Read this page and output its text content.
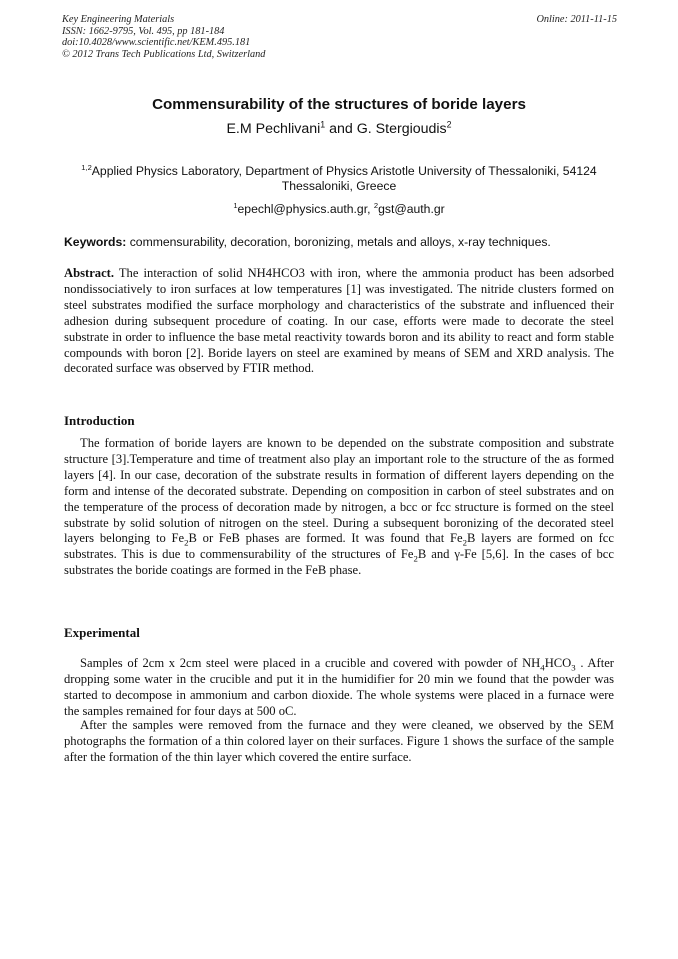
Key Engineering Materials
ISSN: 1662-9795, Vol. 495, pp 181-184
doi:10.4028/www.scientific.net/KEM.495.181
© 2012 Trans Tech Publications Ltd, Switzerland
Online: 2011-11-15
Commensurability of the structures of boride layers
E.M Pechlivani$^1$ and G. Stergioudis$^2$
$^{1,2}$Applied Physics Laboratory, Department of Physics Aristotle University of Thessaloniki, 54124 Thessaloniki, Greece
$^1$epechl@physics.auth.gr, $^2$gst@auth.gr
Keywords: commensurability, decoration, boronizing, metals and alloys, x-ray techniques.
Abstract. The interaction of solid NH4HCO3 with iron, where the ammonia product has been adsorbed nondissociatively to iron surfaces at low temperatures [1] was investigated. The nitride clusters formed on steel substrates modified the surface morphology and characteristics of the substrate and influenced their adhesion during subsequent procedure of coating. In our case, efforts were made to decorate the steel substrate in order to influence the base metal reactivity towards boron and its ability to react and form stable compounds with boron [2]. Boride layers on steel are examined by means of SEM and XRD analysis. The decorated surface was observed by FTIR method.
Introduction
The formation of boride layers are known to be depended on the substrate composition and substrate structure [3].Temperature and time of treatment also play an important role to the structure of the as formed layers [4]. In our case, decoration of the substrate results in formation of different layers depending on the form and intense of the decorated substrate. Depending on composition in carbon of steel substrates and on the temperature of the process of decoration made by nitrogen, a bcc or fcc structure is formed on the steel substrate by solid solution of nitrogen on the steel. During a subsequent boronizing of the decorated steel layers belonging to $Fe_2B$ or FeB phases are formed. It was found that $Fe_2B$ layers are formed on fcc substrates. This is due to commensurability of the structures of $Fe_2B$ and γ-Fe [5,6]. In the cases of bcc substrates the boride coatings are formed in the FeB phase.
Experimental
Samples of 2cm x 2cm steel were placed in a crucible and covered with powder of $NH_4HCO_3$ . After dropping some water in the crucible and put it in the humidifier for 20 min we found that the powder was started to decompose in ammonium and carbon dioxide. The whole systems were placed in a furnace were the samples remained for four days at 500 oC.
After the samples were removed from the furnace and they were cleaned, we observed by the SEM photographs the formation of a thin colored layer on their surfaces. Figure 1 shows the surface of the sample after the formation of the thin layer which covered the entire surface.
